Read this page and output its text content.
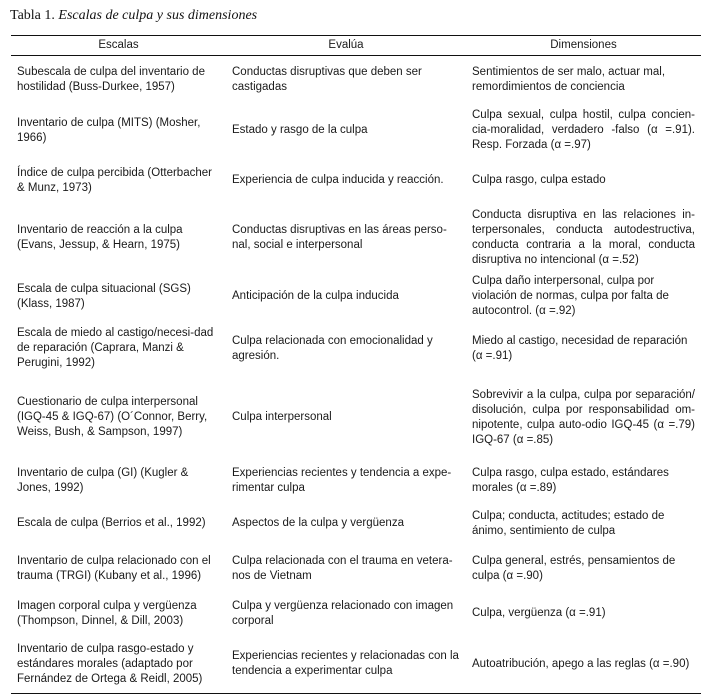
Tabla 1. Escalas de culpa y sus dimensiones
Escalas	Evalúa	Dimensiones
Subescala de culpa del inventario de hostilidad (Buss-Durkee, 1957)	Conductas disruptivas que deben ser castigadas	Sentimientos de ser malo, actuar mal, remordimientos de conciencia
Inventario de culpa (MITS) (Mosher, 1966)	Estado y rasgo de la culpa	Culpa sexual, culpa hostil, culpa concien-cia-moralidad, verdadero -falso (α =.91). Resp. Forzada (α =.97)
Índice de culpa percibida (Otterbacher & Munz, 1973)	Experiencia de culpa inducida y reacción.	Culpa rasgo, culpa estado
Inventario de reacción a la culpa (Evans, Jessup, & Hearn, 1975)	Conductas disruptivas en las áreas perso-nal, social e interpersonal	Conducta disruptiva en las relaciones in-terpersonales, conducta autodestructiva, conducta contraria a la moral, conducta disruptiva no intencional (α =.52)
Escala de culpa situacional (SGS) (Klass, 1987)	Anticipación de la culpa inducida	Culpa daño interpersonal, culpa por violación de normas, culpa por falta de autocontrol. (α =.92)
Escala de miedo al castigo/necesi-dad de reparación (Caprara, Manzi & Perugini, 1992)	Culpa relacionada con emocionalidad y agresión.	Miedo al castigo, necesidad de reparación (α =.91)
Cuestionario de culpa interpersonal (IGQ-45 & IGQ-67) (O´Connor, Berry, Weiss, Bush, & Sampson, 1997)	Culpa interpersonal	Sobrevivir a la culpa, culpa por separación/ disolución, culpa por responsabilidad om-nipotente, culpa auto-odio IGQ-45 (α =.79) IGQ-67 (α =.85)
Inventario de culpa (GI) (Kugler & Jones, 1992)	Experiencias recientes y tendencia a expe-rimentar culpa	Culpa rasgo, culpa estado, estándares morales (α =.89)
Escala de culpa (Berrios et al., 1992)	Aspectos de la culpa y vergüenza	Culpa; conducta, actitudes; estado de ánimo, sentimiento de culpa
Inventario de culpa relacionado con el trauma (TRGI) (Kubany et al., 1996)	Culpa relacionada con el trauma en vetera-nos de Vietnam	Culpa general, estrés, pensamientos de culpa (α =.90)
Imagen corporal culpa y vergüenza (Thompson, Dinnel, & Dill, 2003)	Culpa y vergüenza relacionado con imagen corporal	Culpa, vergüenza (α =.91)
Inventario de culpa rasgo-estado y estándares morales (adaptado por Fernández de Ortega & Reidl, 2005)	Experiencias recientes y relacionadas con la tendencia a experimentar culpa	Autoatribución, apego a las reglas (α =.90)
